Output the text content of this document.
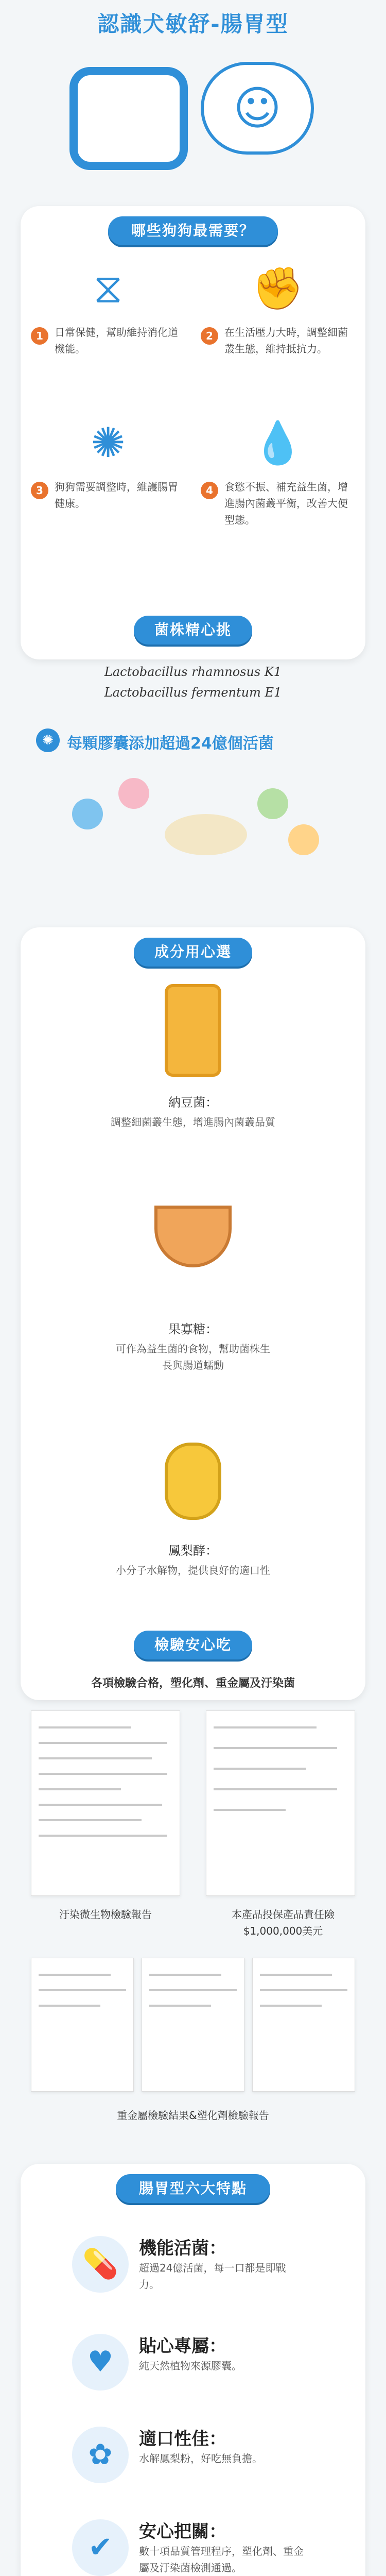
認識犬敏舒-腸胃型
☺
哪些狗狗最需要？
⧖
1	日常保健，幫助維持消化道機能。
✊
2	在生活壓力大時，調整細菌叢生態，維持抵抗力。
✺
3	狗狗需要調整時，維護腸胃健康。
💧
4	食慾不振、補充益生菌，增進腸內菌叢平衡，改善大便型態。
菌株精心挑
Lactobacillus rhamnosus K1
Lactobacillus fermentum E1
✺ 每顆膠囊添加超過24億個活菌
成分用心選
納豆菌：
調整細菌叢生態，增進腸內菌叢品質
果寡糖：
可作為益生菌的食物，幫助菌株生長與腸道蠕動
鳳梨酵：
小分子水解物，提供良好的適口性
檢驗安心吃
各項檢驗合格，塑化劑、重金屬及汙染菌
汙染微生物檢驗報告	本產品投保產品責任險$1,000,000美元
重金屬檢驗結果&塑化劑檢驗報告
腸胃型六大特點
💊	機能活菌：
超過24億活菌，每一口都是即戰力。
♥	貼心專屬：
純天然植物來源膠囊。
✿	適口性佳：
水解鳳梨粉，好吃無負擔。
✔	安心把關：
數十項品質管理程序，塑化劑、重金屬及汙染菌檢測通過。
